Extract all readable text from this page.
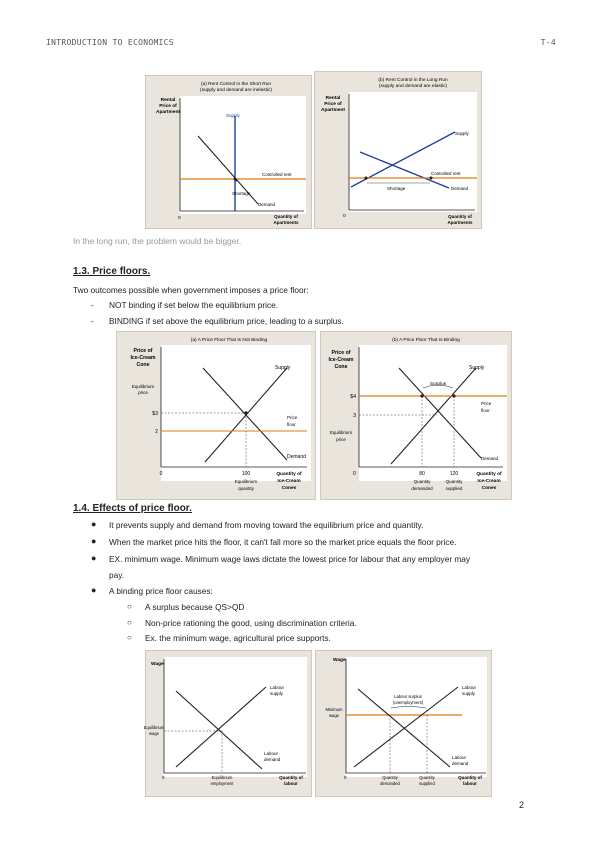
INTRODUCTION TO ECONOMICS	T-4
(a) Rent Control in the Short Run
(supply and demand are inelastic)
Rental
Price of
Apartment
Supply
Demand
Controlled rent
Shortage
0	Quantity of
Apartments
(b) Rent Control in the Long Run
(supply and demand are elastic)
Rental
Price of
Apartment
Supply
Demand
Controlled rent
Shortage
0	Quantity of
Apartments
In the long run, the problem would be bigger.
1.3. Price floors.
Two outcomes possible when government imposes a price floor:
- NOT binding if set below the equilibrium price.
- BINDING if set above the equilibrium price, leading to a surplus.
(a) A Price Floor That Is Not Binding
Price of
Ice-Cream
Cone
Equilibrium
price
$3
2
Supply
Demand
Price
floor
0	100
Equilibrium
quantity
Quantity of
Ice-Cream
Cones
(b) A Price Floor That Is Binding
Price of
Ice-Cream
Cone
$4
3
Equilibrium
price
Supply
Demand
Price
floor
Surplus
0	80	120
Quantity
demanded
Quantity
supplied
Quantity of
Ice-Cream
Cones
1.4. Effects of price floor.
● It prevents supply and demand from moving toward the equilibrium price and quantity.
● When the market price hits the floor, it can't fall more so the market price equals the floor price.
● EX. minimum wage. Minimum wage laws dictate the lowest price for labour that any employer may
pay.
● A binding price floor causes:
○ A surplus because QS>QD
○ Non-price rationing the good, using discrimination criteria.
○ Ex. the minimum wage, agricultural price supports.
Wage
Equilibrium
wage
Labour
supply
Labour
demand
0	Equilibrium
employment
Quantity of
labour
Wage
Minimum
wage
Labour
supply
Labour
demand
Labour surplus
(unemployment)
0	Quantity
demanded
Quantity
supplied
Quantity of
labour
2
